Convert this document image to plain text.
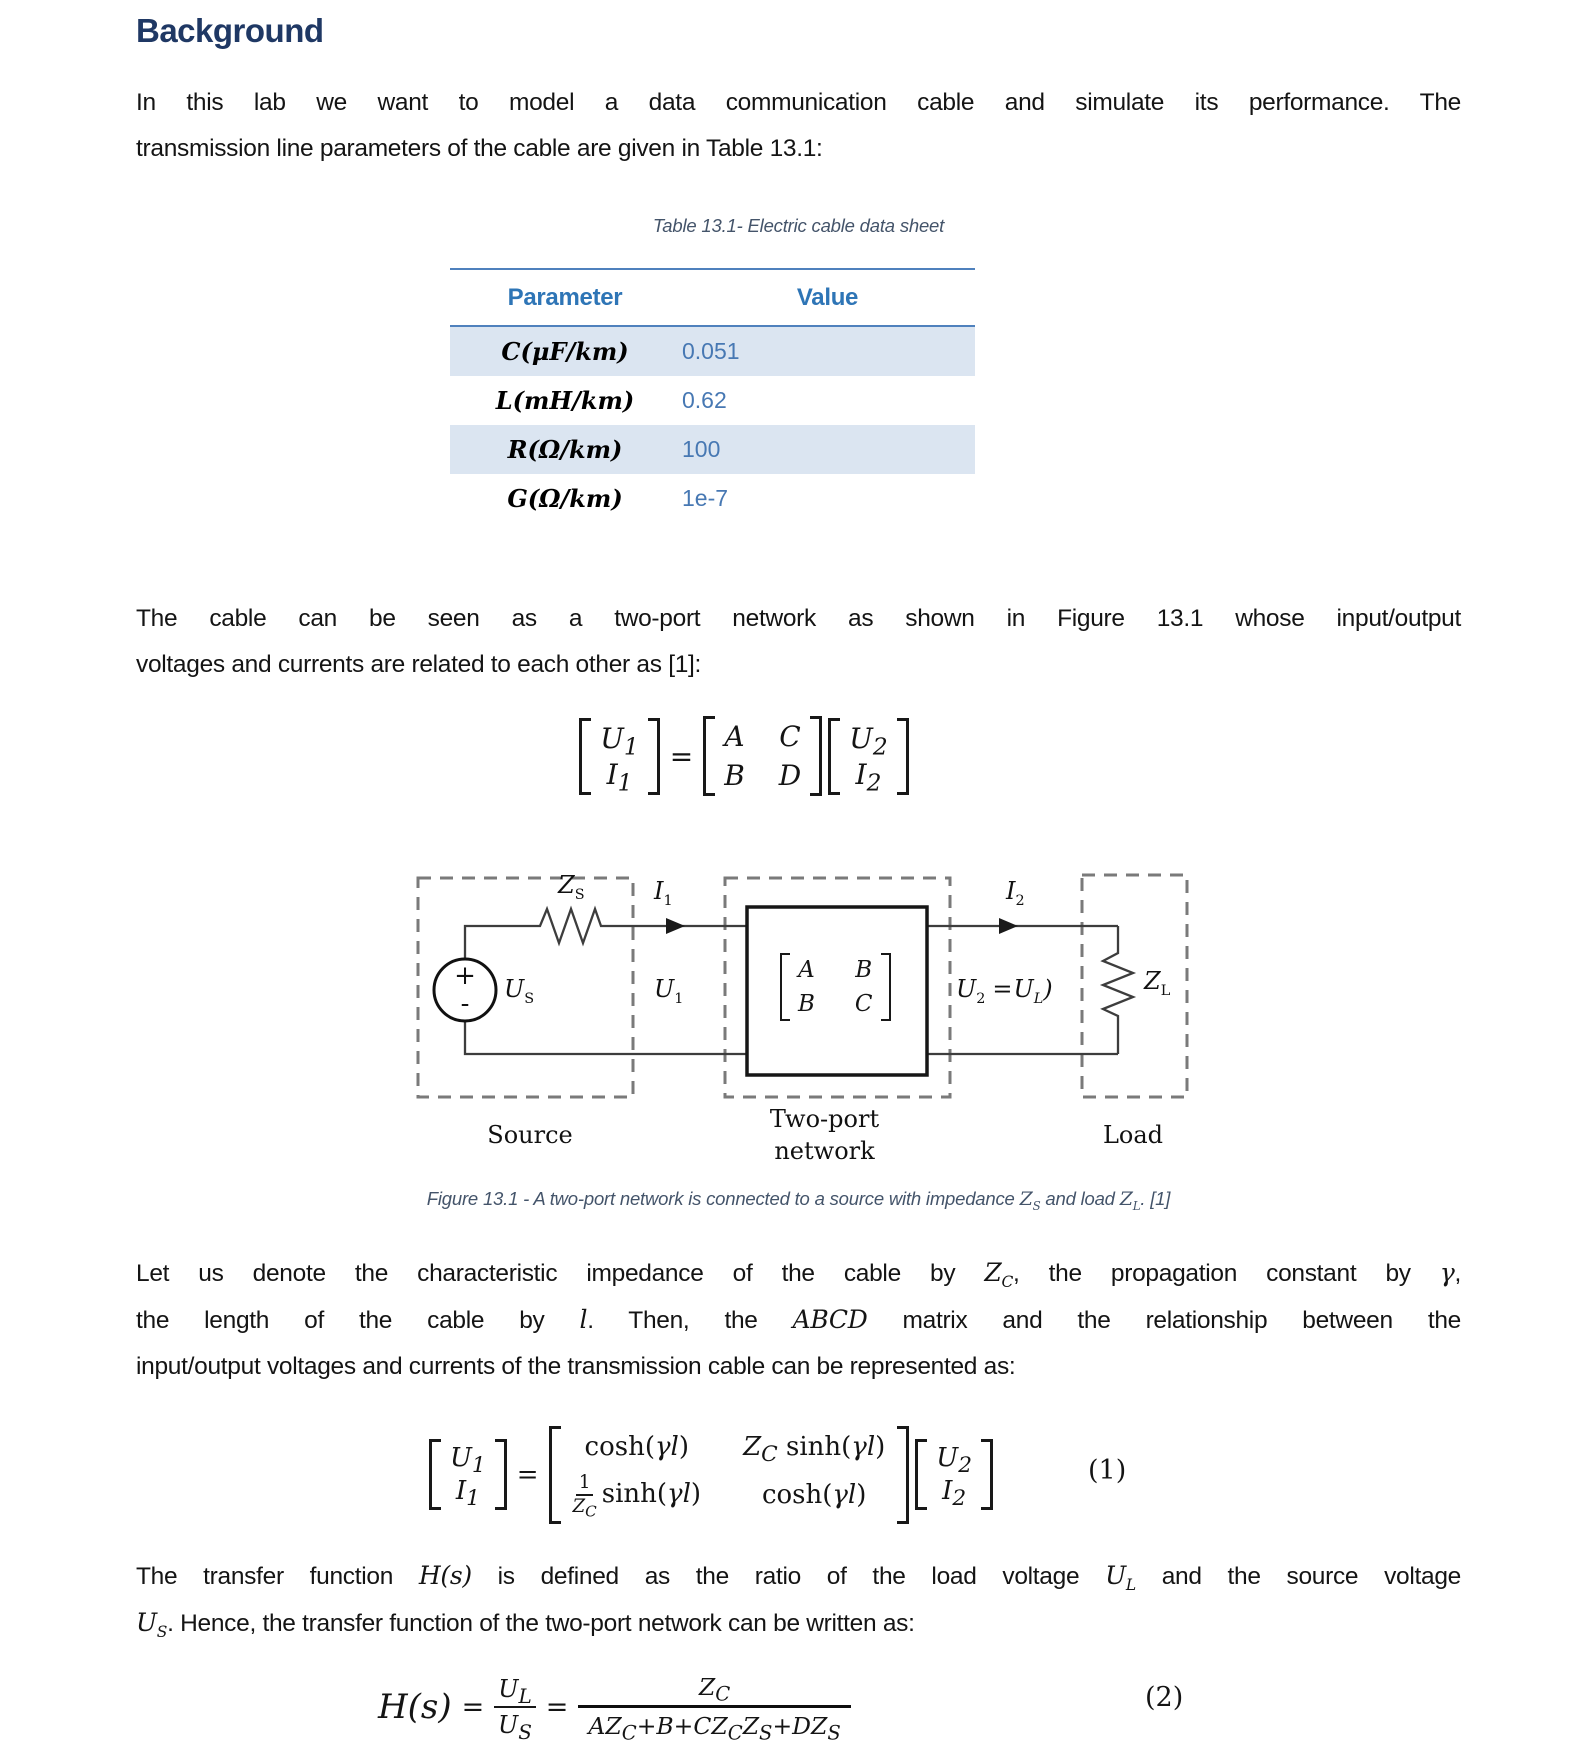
Background
In this lab we want to model a data communication cable and simulate its performance. The
transmission line parameters of the cable are given in Table 13.1:
Table 13.1- Electric cable data sheet
Parameter	Value
C(μF/km)	0.051
L(mH/km)	0.62
R(Ω/km)	100
G(Ω/km)	1e-7
The cable can be seen as a two-port network as shown in Figure 13.1 whose input/output
voltages and currents are related to each other as [1]:
$U_1$
$I_1$
=
A C
B D
$U_2$
$I_2$
+
-
$Z_S$	$I_1$
$U_S$	$U_1$
A B
B C
$I_2$
$U_2 =U_L$)	$Z_L$
Source
Two-port
network
Load
Figure 13.1 - A two-port network is connected to a source with impedance $Z_S$ and load $Z_L$. [1]
Let us denote the characteristic impedance of the cable by $Z_C$, the propagation constant by γ,
the length of the cable by l. Then, the ABCD matrix and the relationship between the
input/output voltages and currents of the transmission cable can be represented as:
$U_1$
$I_1$
=
cosh(γl) $Z_C$ sinh(γl)
$\frac{1}{Z_C} \sinh(\gamma l)$ cosh(γl)
$U_2$
$I_2$
(1)
The transfer function H(s) is defined as the ratio of the load voltage $U_L$ and the source voltage
$U_S$. Hence, the transfer function of the two-port network can be written as:
$H(s) = \frac{U_L}{U_S}$ =
$Z_C$
$AZ_C+B+CZ_CZ_S+DZ_S$
(2)
